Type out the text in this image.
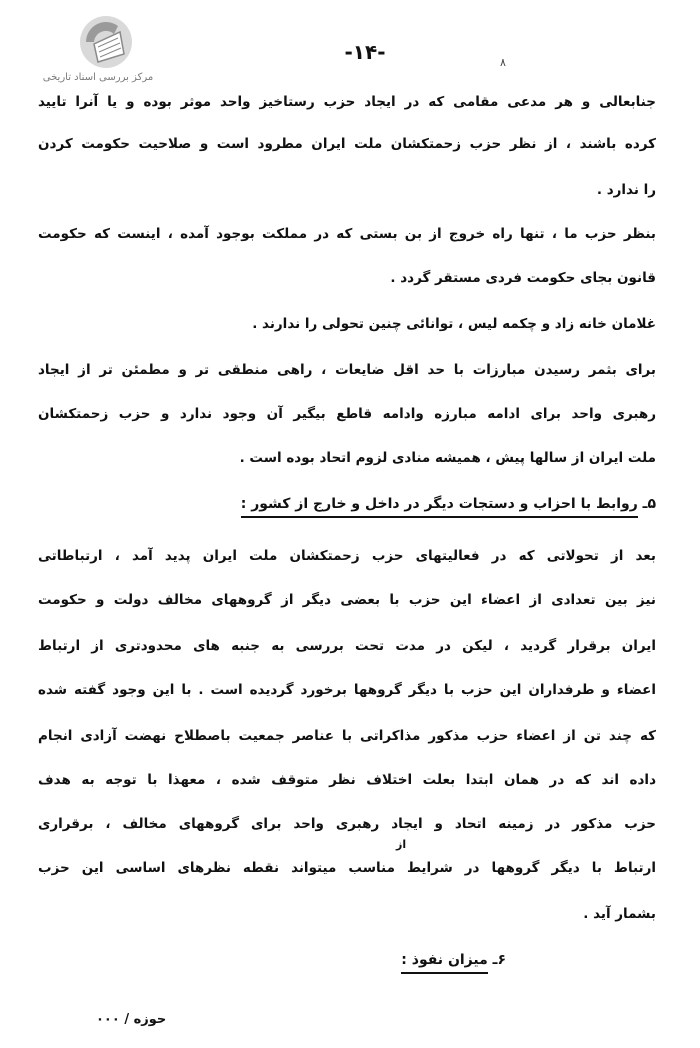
مرکز بررسی اسناد تاریخی
-۱۴-	۸
جنابعالی و هر مدعی مقامی که در ایجاد حزب رستاخیز واحد موثر بوده و یا آنرا تایید
کرده باشند ، از نظر حزب زحمتکشان ملت ایران مطرود است و صلاحیت حکومت کردن
را ندارد .
بنظر حزب ما ، تنها راه خروج از بن بستی که در مملکت بوجود آمده ، اینست که حکومت
قانون بجای حکومت فردی مستقر گردد .
غلامان خانه زاد و چکمه لیس ، توانائی چنین تحولی را ندارند .
برای بثمر رسیدن مبارزات با حد اقل ضایعات ، راهی منطقی تر و مطمئن تر از ایجاد
رهبری واحد برای ادامه مبارزه وادامه قاطع بیگیر آن وجود ندارد و حزب زحمتکشان
ملت ایران از سالها پیش ، همیشه منادی لزوم اتحاد بوده است .
۵ـ روابط با احزاب و دستجات دیگر در داخل و خارج از کشور :
بعد از تحولاتی که در فعالیتهای حزب زحمتکشان ملت ایران پدید آمد ، ارتباطاتی
نیز بین تعدادی از اعضاء این حزب با بعضی دیگر از گروههای مخالف دولت و حکومت
ایران برقرار گردید ، لیکن در مدت تحت بررسی به جنبه های محدودتری از ارتباط
اعضاء و طرفداران این حزب با دیگر گروهها برخورد گردیده است . با این وجود گفته شده
که چند تن از اعضاء حزب مذکور مذاکراتی با عناصر جمعیت باصطلاح نهضت آزادی انجام
داده اند که در همان ابتدا بعلت اختلاف نظر متوقف شده ، معهذا با توجه به هدف
حزب مذکور در زمینه اتحاد و ایجاد رهبری واحد برای گروههای مخالف ، برقراری
از
ارتباط با دیگر گروهها در شرایط مناسب میتواند نقطه نظرهای اساسی این حزب
بشمار آید .
۶ـ میزان نفوذ :
حوزه / ۰۰۰
